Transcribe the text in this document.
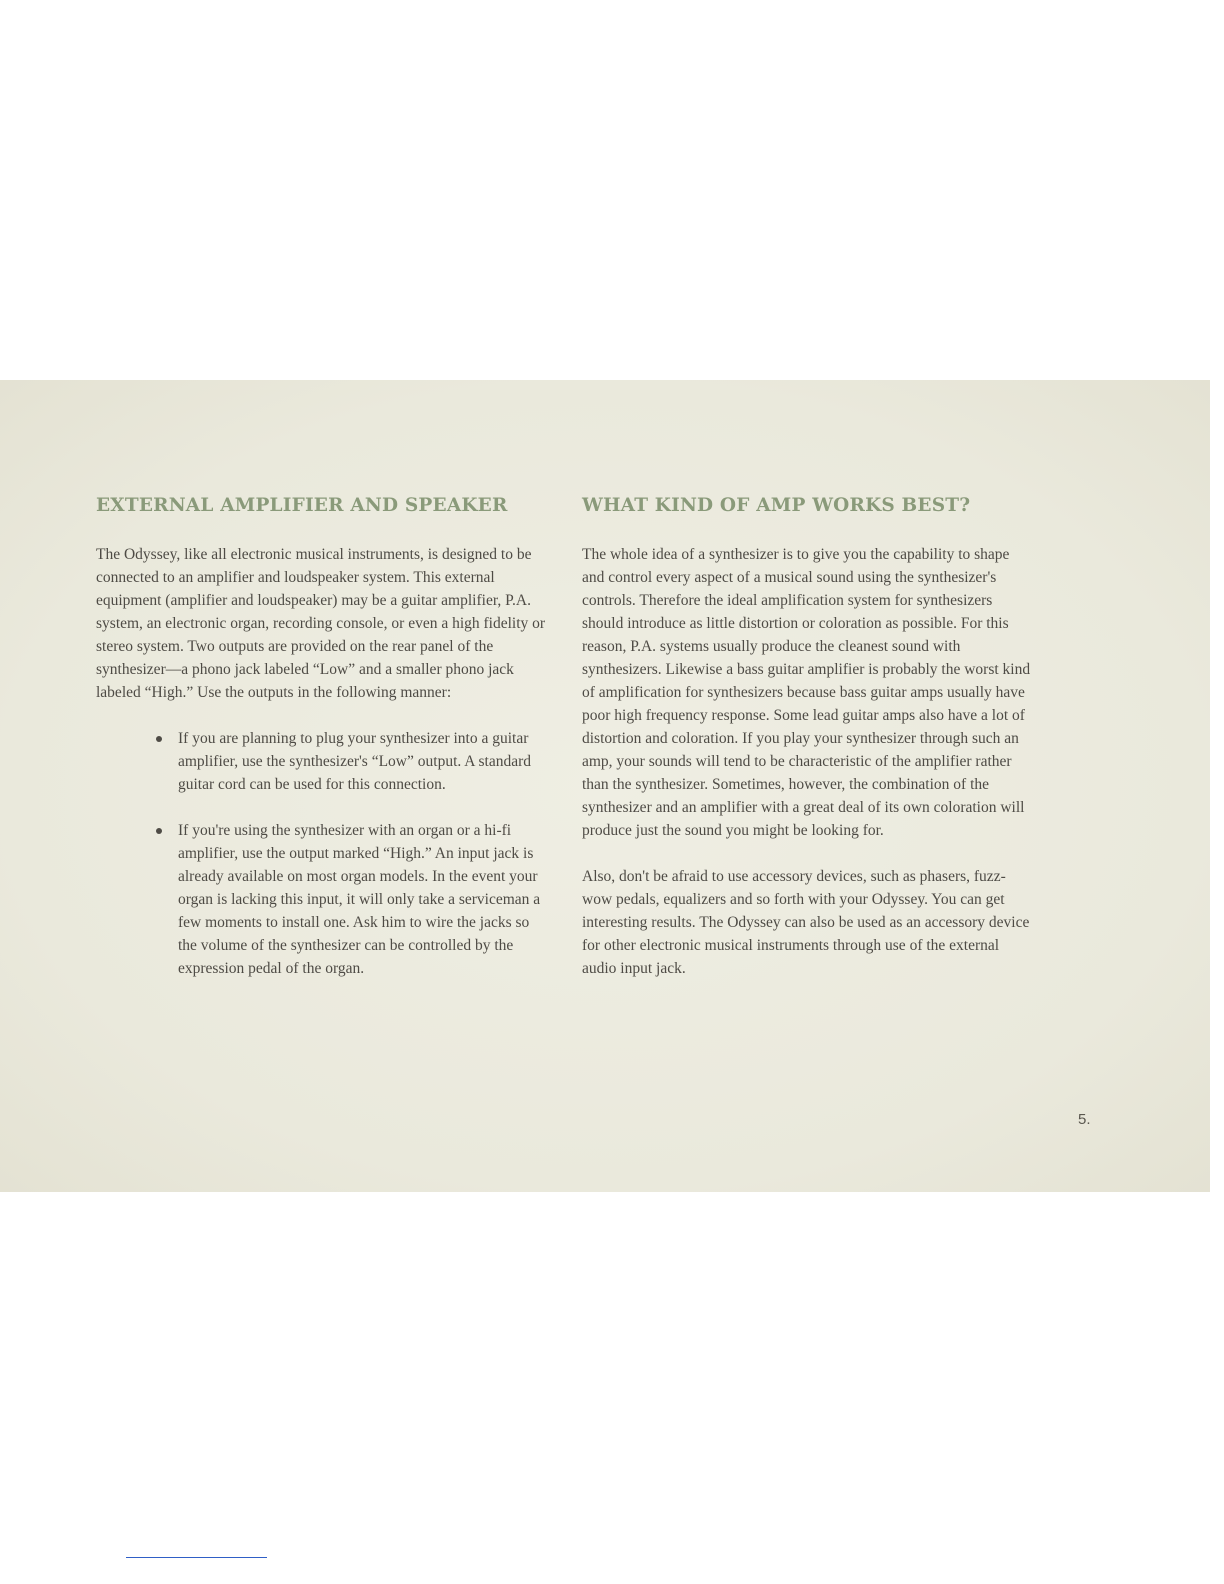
EXTERNAL AMPLIFIER AND SPEAKER

The Odyssey, like all electronic musical instruments, is designed to be connected to an amplifier and loudspeaker system. This external equipment (amplifier and loudspeaker) may be a guitar amplifier, P.A. system, an electronic organ, recording console, or even a high fidelity or stereo system. Two outputs are provided on the rear panel of the synthesizer—a phono jack labeled “Low” and a smaller phono jack labeled “High.” Use the outputs in the following manner:

If you are planning to plug your synthesizer into a guitar amplifier, use the synthesizer's “Low” output. A standard guitar cord can be used for this connection.
If you're using the synthesizer with an organ or a hi-fi amplifier, use the output marked “High.” An input jack is already available on most organ models. In the event your organ is lacking this input, it will only take a serviceman a few moments to install one. Ask him to wire the jacks so the volume of the synthesizer can be controlled by the expression pedal of the organ.
WHAT KIND OF AMP WORKS BEST?

The whole idea of a synthesizer is to give you the capability to shape and control every aspect of a musical sound using the synthesizer's controls. Therefore the ideal amplification system for synthesizers should introduce as little distortion or coloration as possible. For this reason, P.A. systems usually produce the cleanest sound with synthesizers. Likewise a bass guitar amplifier is probably the worst kind of amplification for synthesizers because bass guitar amps usually have poor high frequency response. Some lead guitar amps also have a lot of distortion and coloration. If you play your synthesizer through such an amp, your sounds will tend to be characteristic of the amplifier rather than the synthesizer. Sometimes, however, the combination of the synthesizer and an amplifier with a great deal of its own coloration will produce just the sound you might be looking for.

Also, don't be afraid to use accessory devices, such as phasers, fuzz-wow pedals, equalizers and so forth with your Odyssey. You can get interesting results. The Odyssey can also be used as an accessory device for other electronic musical instruments through use of the external audio input jack.

5.
